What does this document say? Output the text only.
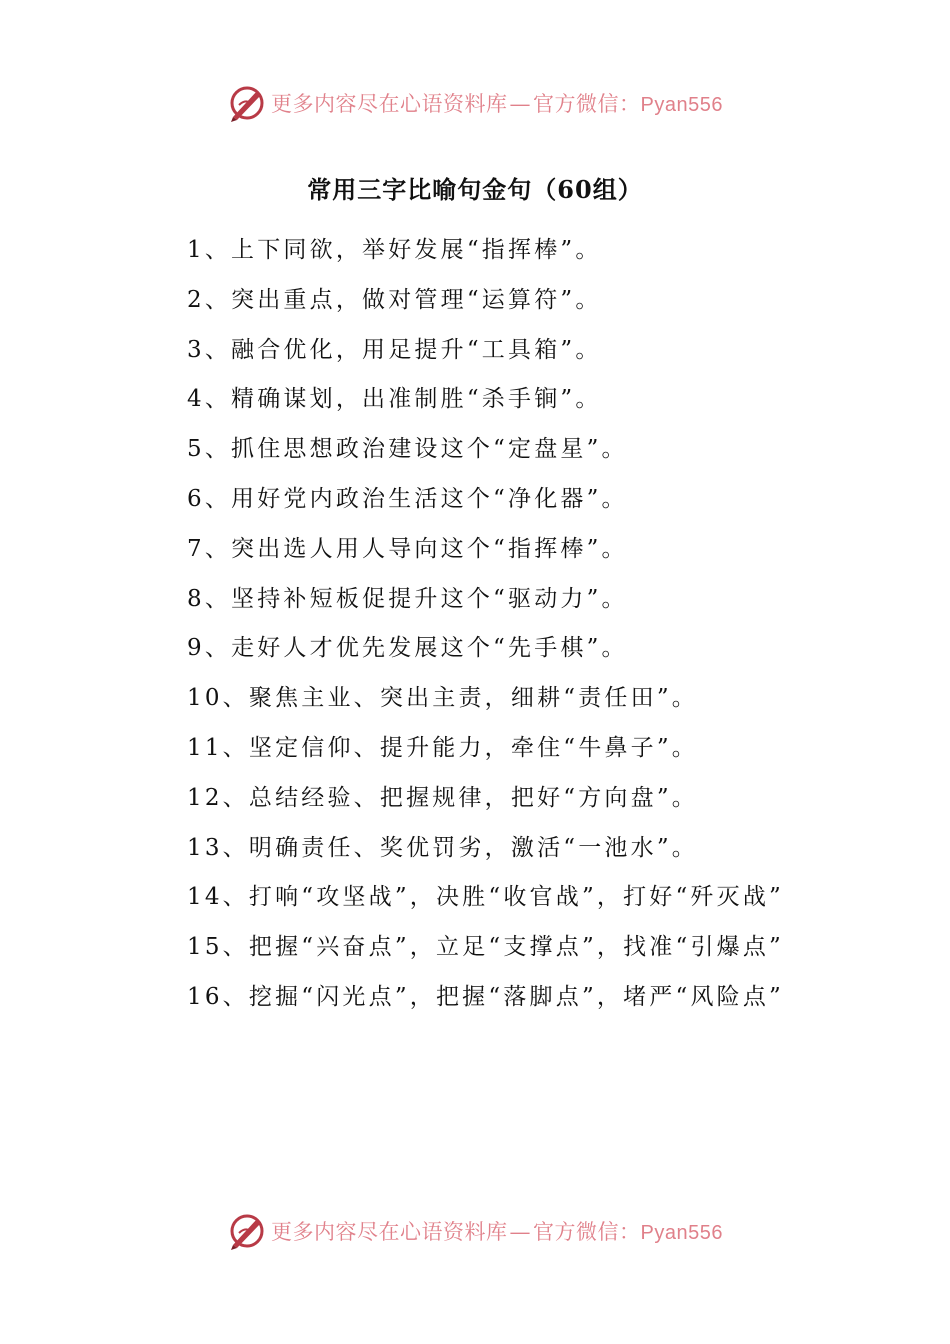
更多内容尽在心语资料库—官方微信：Pyan556
常用三字比喻句金句（60组）

1、上下同欲，举好发展“指挥棒”。

2、突出重点，做对管理“运算符”。

3、融合优化，用足提升“工具箱”。

4、精确谋划，出准制胜“杀手锏”。

5、抓住思想政治建设这个“定盘星”。

6、用好党内政治生活这个“净化器”。

7、突出选人用人导向这个“指挥棒”。

8、坚持补短板促提升这个“驱动力”。

9、走好人才优先发展这个“先手棋”。

10、聚焦主业、突出主责，细耕“责任田”。

11、坚定信仰、提升能力，牵住“牛鼻子”。

12、总结经验、把握规律，把好“方向盘”。

13、明确责任、奖优罚劣，激活“一池水”。

14、打响“攻坚战”，决胜“收官战”，打好“歼灭战”

15、把握“兴奋点”，立足“支撑点”，找准“引爆点”

16、挖掘“闪光点”，把握“落脚点”，堵严“风险点”

更多内容尽在心语资料库—官方微信：Pyan556
